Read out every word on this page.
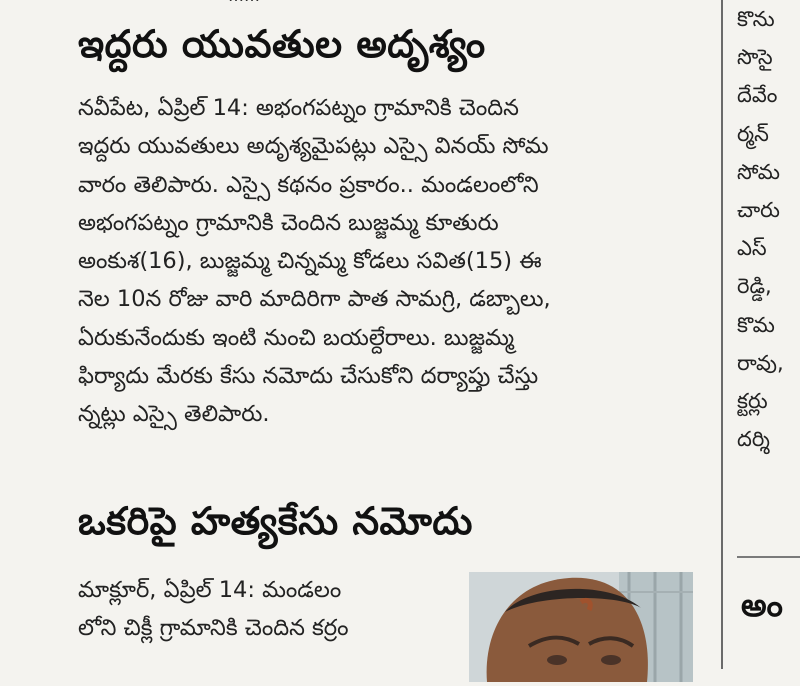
ఇద్దరు యువతుల అదృశ్యం
నవీపేట, ఏప్రిల్ 14: అభంగపట్నం గ్రామానికి చెందిన
ఇద్దరు యువతులు అదృశ్యమైపట్లు ఎస్సై వినయ్ సోమ
వారం తెలిపారు. ఎస్సై కథనం ప్రకారం.. మండలంలోని
అభంగపట్నం గ్రామానికి చెందిన బుజ్జమ్మ కూతురు
అంకుశ(16), బుజ్జమ్మ చిన్నమ్మ కోడలు సవిత(15) ఈ
నెల 10న రోజు వారి మాదిరిగా పాత సామగ్రి, డబ్బాలు,
ఏరుకునేందుకు ఇంటి నుంచి బయల్దేరాలు. బుజ్జమ్మ
ఫిర్యాదు మేరకు కేసు నమోదు చేసుకోని దర్యాప్తు చేస్తు
న్నట్లు ఎస్సై తెలిపారు.
ఒకరిపై హత్యకేసు నమోదు
మాక్లూర్, ఏప్రిల్ 14: మండలం
లోని చిక్లీ గ్రామానికి చెందిన కర్రం
కొను
సొసై
దేవేం
ర్మన్
సోమ
చారు
ఎస్
రెడ్డి,
కొమ
రావు,
క్టర్లు
దర్శి
అం
